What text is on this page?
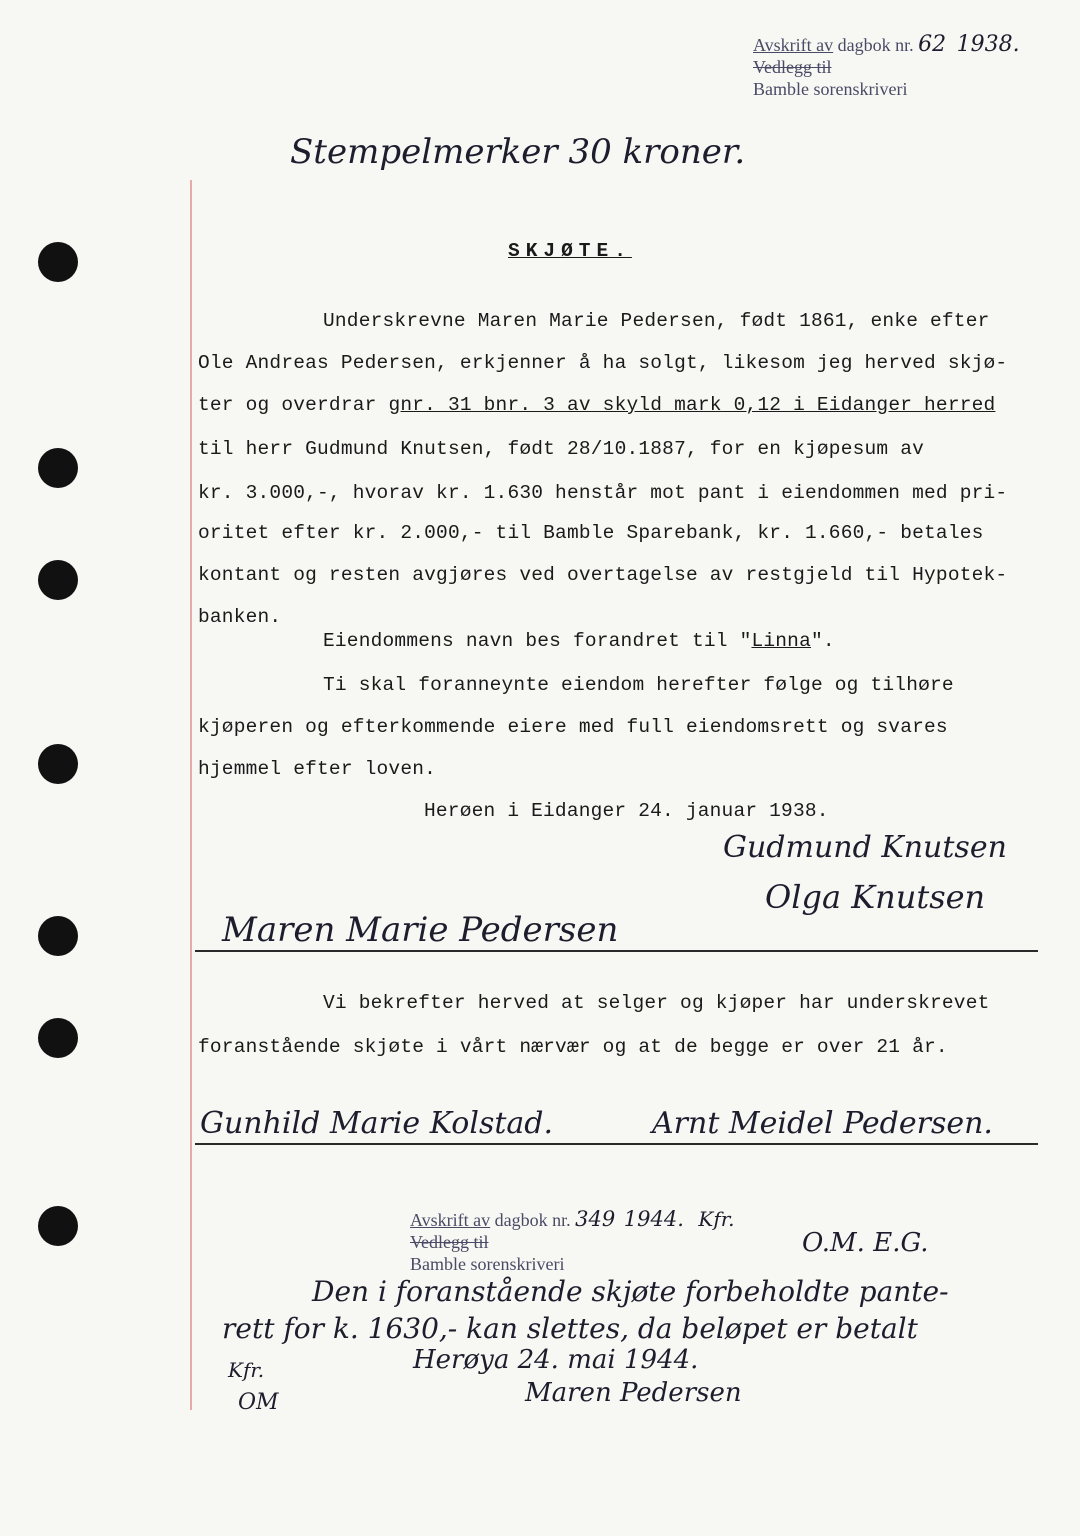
Avskrift av dagbok nr. 62 1938.
Vedlegg til
Bamble sorenskriveri
Stempelmerker 30 kroner.
SKJØTE.
Underskrevne Maren Marie Pedersen, født 1861, enke efter
Ole Andreas Pedersen, erkjenner å ha solgt, likesom jeg herved skjø-
ter og overdrar gnr. 31 bnr. 3 av skyld mark 0,12 i Eidanger herred
til herr Gudmund Knutsen, født 28/10.1887, for en kjøpesum av
kr. 3.000,-, hvorav kr. 1.630 henstår mot pant i eiendommen med pri-
oritet efter kr. 2.000,- til Bamble Sparebank, kr. 1.660,- betales
kontant og resten avgjøres ved overtagelse av restgjeld til Hypotek-
banken.
Eiendommens navn bes forandret til "Linna".
Ti skal foranneynte eiendom herefter følge og tilhøre
kjøperen og efterkommende eiere med full eiendomsrett og svares
hjemmel efter loven.
Herøen i Eidanger 24. januar 1938.
Gudmund Knutsen
Olga Knutsen
Maren Marie Pedersen
Vi bekrefter herved at selger og kjøper har underskrevet
foranstående skjøte i vårt nærvær og at de begge er over 21 år.
Gunhild Marie Kolstad.	Arnt Meidel Pedersen.
Avskrift av dagbok nr. 349 1944. Kfr.
Vedlegg til
Bamble sorenskriveri
O.M. E.G.
Den i foranstående skjøte forbeholdte pante-
rett for k. 1630,- kan slettes, da beløpet er betalt
Herøya 24. mai 1944.
Maren Pedersen
Kfr.
OM
